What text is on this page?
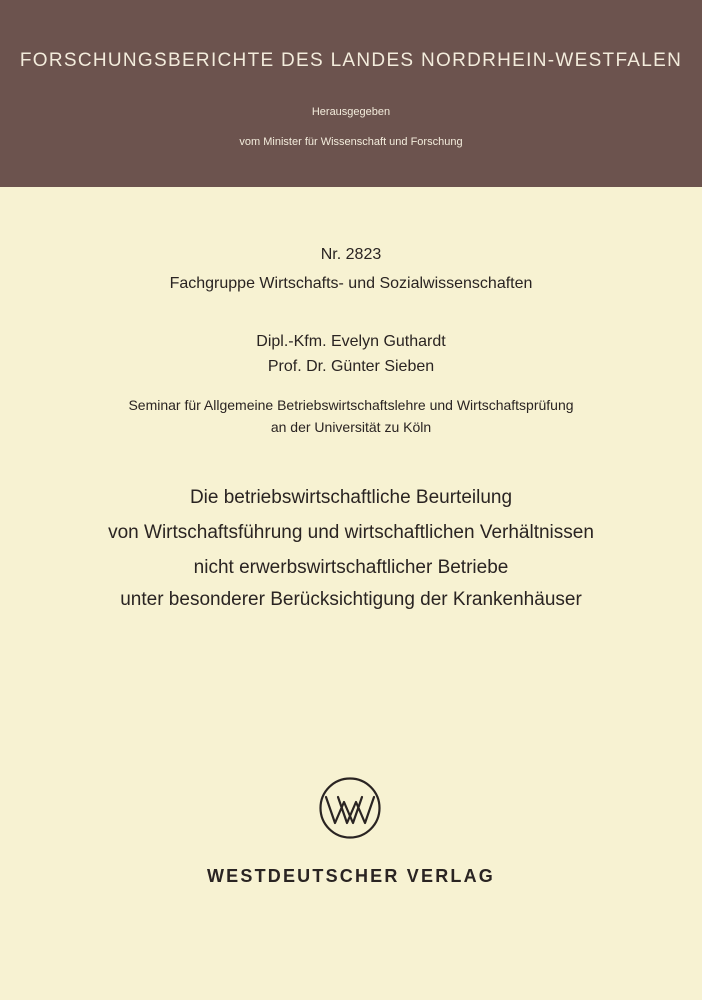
FORSCHUNGSBERICHTE DES LANDES NORDRHEIN-WESTFALEN
Herausgegeben
vom Minister für Wissenschaft und Forschung
Nr. 2823
Fachgruppe Wirtschafts- und Sozialwissenschaften
Dipl.-Kfm. Evelyn Guthardt
Prof. Dr. Günter Sieben
Seminar für Allgemeine Betriebswirtschaftslehre und Wirtschaftsprüfung
an der Universität zu Köln
Die betriebswirtschaftliche Beurteilung
von Wirtschaftsführung und wirtschaftlichen Verhältnissen
nicht erwerbswirtschaftlicher Betriebe
unter besonderer Berücksichtigung der Krankenhäuser
WESTDEUTSCHER VERLAG
